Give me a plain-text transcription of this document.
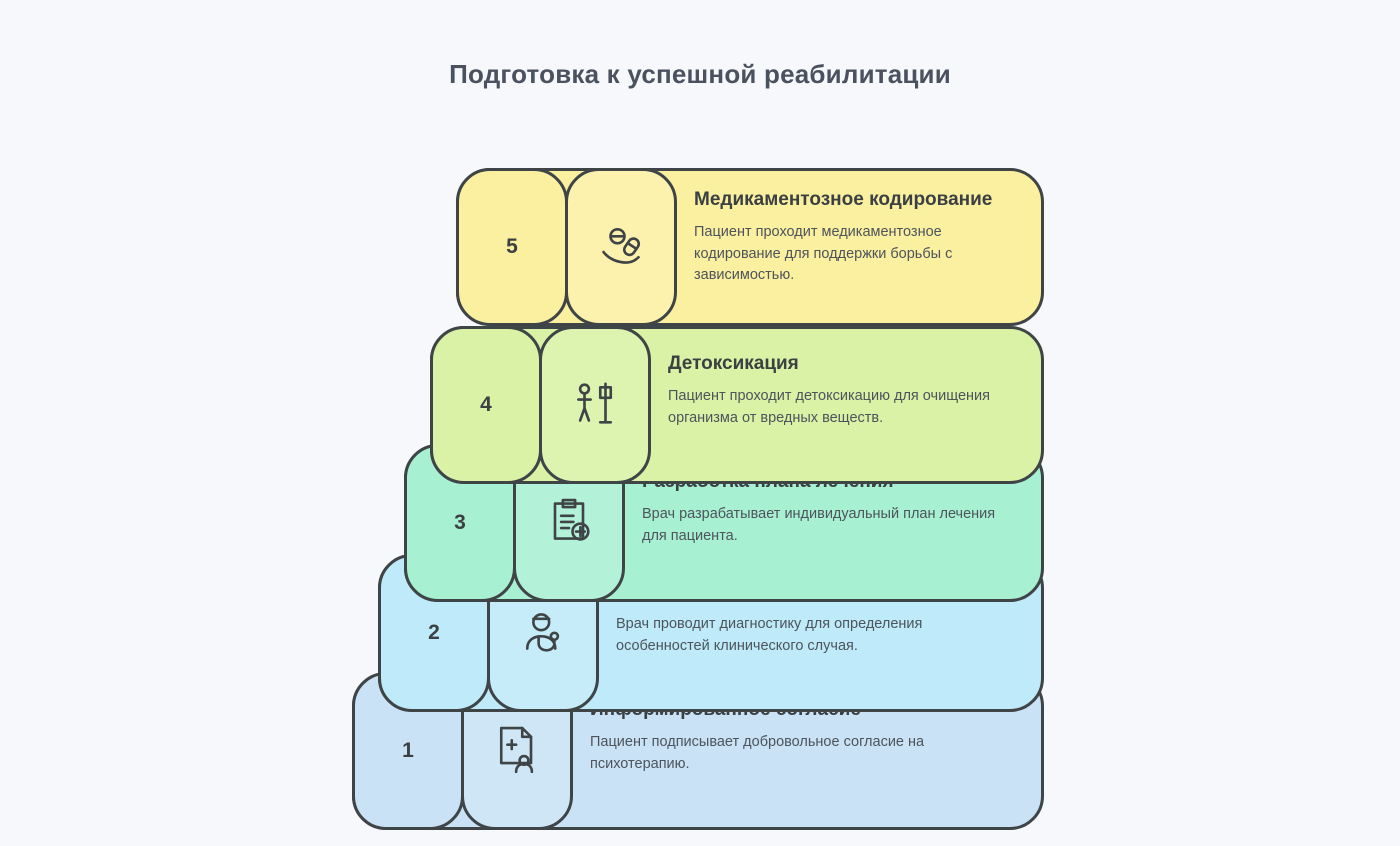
Подготовка к успешной реабилитации

Пациент подписывает добровольное согласие на психотерапию.

1

Врач проводит диагностику для определения особенностей клинического случая.

2

Врач разрабатывает индивидуальный план лечения для пациента.

3
Детоксикация

Пациент проходит детоксикацию для очищения организма от вредных веществ.

4
Медикаментозное кодирование

Пациент проходит медикаментозное кодирование для поддержки борьбы с зависимостью.

5
